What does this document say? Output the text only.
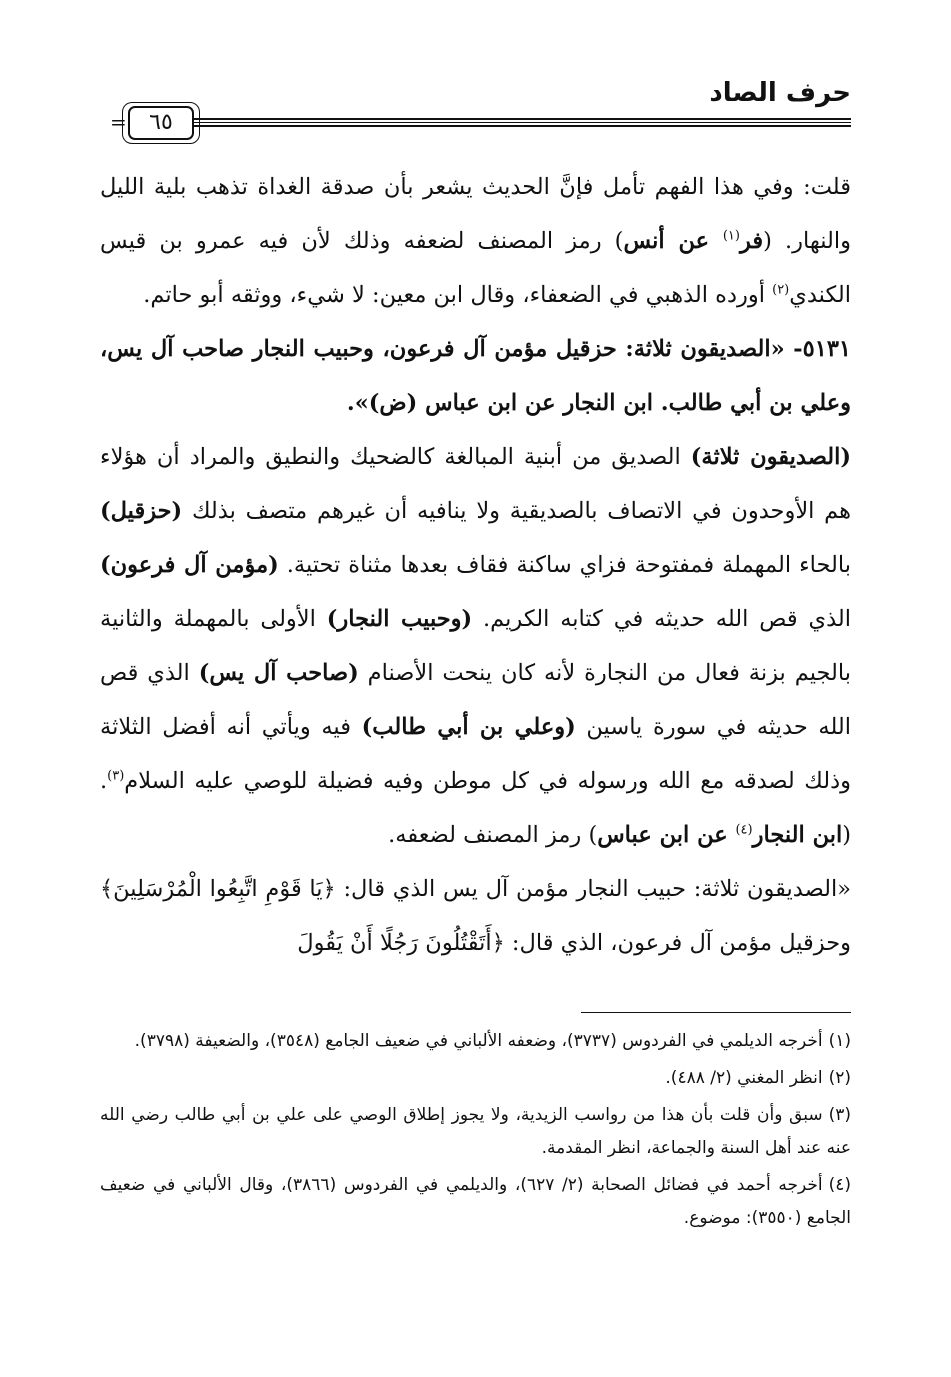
حرف الصاد
٦٥
=

قلت: وفي هذا الفهم تأمل فإنَّ الحديث يشعر بأن صدقة الغداة تذهب بلية الليل والنهار. (فر$^{(١)}$ عن أنس) رمز المصنف لضعفه وذلك لأن فيه عمرو بن قيس الكندي$^{(٢)}$ أورده الذهبي في الضعفاء، وقال ابن معين: لا شيء، ووثقه أبو حاتم.

٥١٣١- «الصديقون ثلاثة: حزقيل مؤمن آل فرعون، وحبيب النجار صاحب آل يس، وعلي بن أبي طالب. ابن النجار عن ابن عباس (ض)».

(الصديقون ثلاثة) الصديق من أبنية المبالغة كالضحيك والنطيق والمراد أن هؤلاء هم الأوحدون في الاتصاف بالصديقية ولا ينافيه أن غيرهم متصف بذلك (حزقيل) بالحاء المهملة فمفتوحة فزاي ساكنة فقاف بعدها مثناة تحتية. (مؤمن آل فرعون) الذي قص الله حديثه في كتابه الكريم. (وحبيب النجار) الأولى بالمهملة والثانية بالجيم بزنة فعال من النجارة لأنه كان ينحت الأصنام (صاحب آل يس) الذي قص الله حديثه في سورة ياسين (وعلي بن أبي طالب) فيه ويأتي أنه أفضل الثلاثة وذلك لصدقه مع الله ورسوله في كل موطن وفيه فضيلة للوصي عليه السلام$^{(٣)}$. (ابن النجار$^{(٤)}$ عن ابن عباس) رمز المصنف لضعفه.

«الصديقون ثلاثة: حبيب النجار مؤمن آل يس الذي قال: ﴿يَا قَوْمِ اتَّبِعُوا الْمُرْسَلِينَ﴾ وحزقيل مؤمن آل فرعون، الذي قال: ﴿أَتَقْتُلُونَ رَجُلًا أَنْ يَقُولَ

(١)أخرجه الديلمي في الفردوس (٣٧٣٧)، وضعفه الألباني في ضعيف الجامع (٣٥٤٨)، والضعيفة (٣٧٩٨).

(٢)انظر المغني (٢/ ٤٨٨).

(٣)سبق وأن قلت بأن هذا من رواسب الزيدية، ولا يجوز إطلاق الوصي على علي بن أبي طالب رضي الله عنه عند أهل السنة والجماعة، انظر المقدمة.

(٤)أخرجه أحمد في فضائل الصحابة (٢/ ٦٢٧)، والديلمي في الفردوس (٣٨٦٦)، وقال الألباني في ضعيف الجامع (٣٥٥٠): موضوع.
